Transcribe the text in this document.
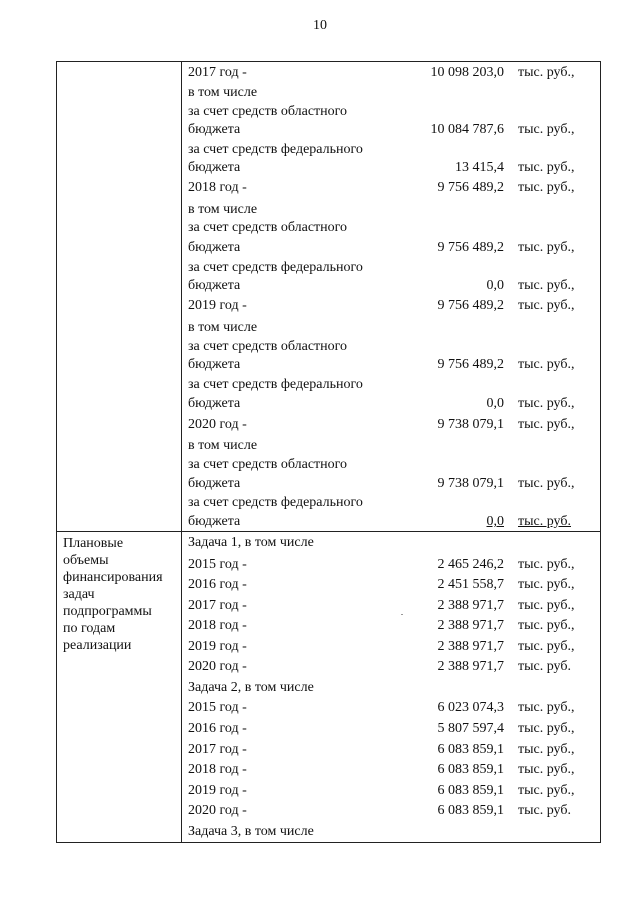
10
Плановые
объемы
финансирования
задач
подпрограммы
по годам
реализации
2017 год -	10 098 203,0 тыс. руб.,
в том числе
за счет средств областного
бюджета	10 084 787,6 тыс. руб.,
за счет средств федерального
бюджета	13 415,4 тыс. руб.,
2018 год -	9 756 489,2 тыс. руб.,
в том числе
за счет средств областного
бюджета	9 756 489,2 тыс. руб.,
за счет средств федерального
бюджета	0,0 тыс. руб.,
2019 год -	9 756 489,2 тыс. руб.,
в том числе
за счет средств областного
бюджета	9 756 489,2 тыс. руб.,
за счет средств федерального
бюджета	0,0 тыс. руб.,
2020 год -	9 738 079,1 тыс. руб.,
в том числе
за счет средств областного
бюджета	9 738 079,1 тыс. руб.,
за счет средств федерального
бюджета	0,0 тыс. руб.
Задача 1, в том числе
2015 год -	2 465 246,2 тыс. руб.,
2016 год -	2 451 558,7 тыс. руб.,
2017 год -	2 388 971,7 тыс. руб.,
2018 год -	2 388 971,7 тыс. руб.,
2019 год -	2 388 971,7 тыс. руб.,
2020 год -	2 388 971,7 тыс. руб.
Задача 2, в том числе
2015 год -	6 023 074,3 тыс. руб.,
2016 год -	5 807 597,4 тыс. руб.,
2017 год -	6 083 859,1 тыс. руб.,
2018 год -	6 083 859,1 тыс. руб.,
2019 год -	6 083 859,1 тыс. руб.,
2020 год -	6 083 859,1 тыс. руб.
Задача 3, в том числе
